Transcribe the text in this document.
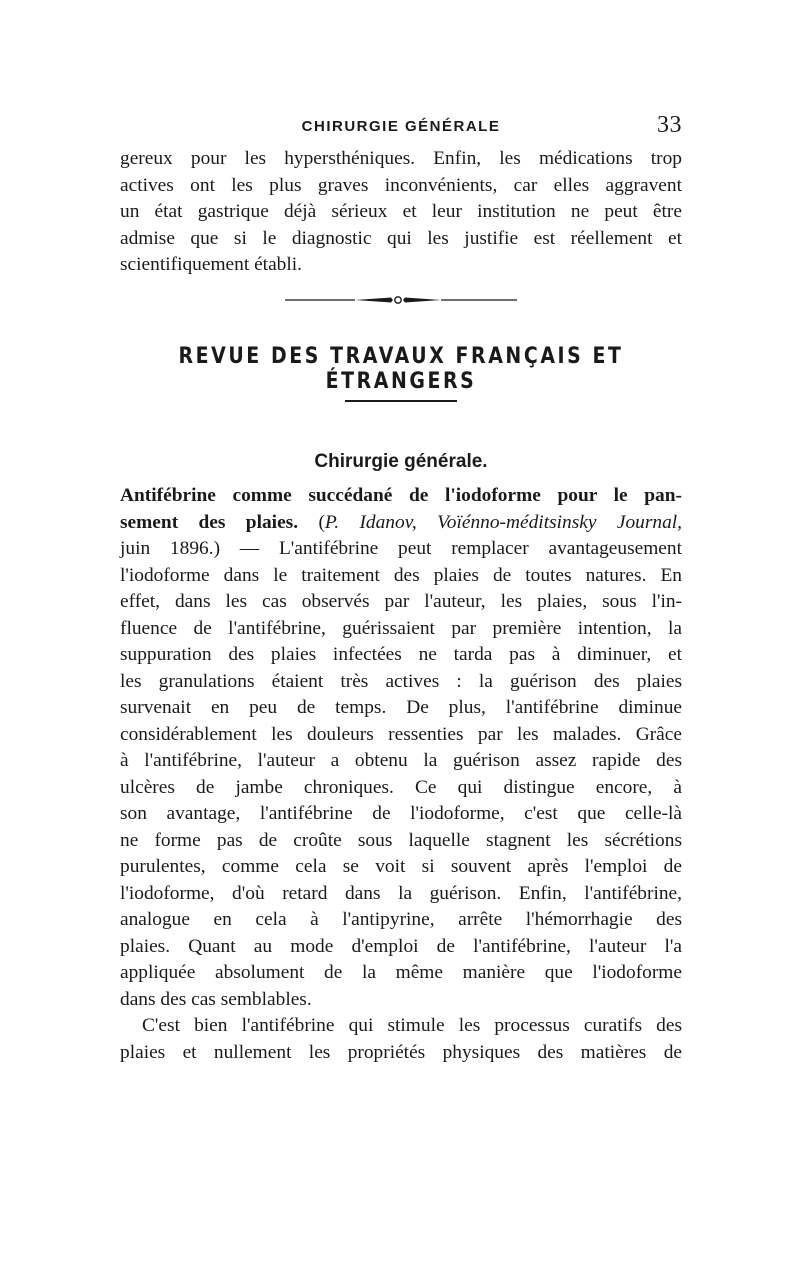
CHIRURGIE GÉNÉRALE	33
gereux pour les hypersthéniques. Enfin, les médications trop
actives ont les plus graves inconvénients, car elles aggravent
un état gastrique déjà sérieux et leur institution ne peut être
admise que si le diagnostic qui les justifie est réellement et
scientifiquement établi.
REVUE DES TRAVAUX FRANÇAIS ET ÉTRANGERS
Chirurgie générale.
Antifébrine comme succédané de l'iodoforme pour le pan-
sement des plaies. (P. Idanov, Voïénno-méditsinsky Journal,
juin 1896.) — L'antifébrine peut remplacer avantageusement
l'iodoforme dans le traitement des plaies de toutes natures. En
effet, dans les cas observés par l'auteur, les plaies, sous l'in-
fluence de l'antifébrine, guérissaient par première intention, la
suppuration des plaies infectées ne tarda pas à diminuer, et
les granulations étaient très actives : la guérison des plaies
survenait en peu de temps. De plus, l'antifébrine diminue
considérablement les douleurs ressenties par les malades. Grâce
à l'antifébrine, l'auteur a obtenu la guérison assez rapide des
ulcères de jambe chroniques. Ce qui distingue encore, à
son avantage, l'antifébrine de l'iodoforme, c'est que celle-là
ne forme pas de croûte sous laquelle stagnent les sécrétions
purulentes, comme cela se voit si souvent après l'emploi de
l'iodoforme, d'où retard dans la guérison. Enfin, l'antifébrine,
analogue en cela à l'antipyrine, arrête l'hémorrhagie des
plaies. Quant au mode d'emploi de l'antifébrine, l'auteur l'a
appliquée absolument de la même manière que l'iodoforme
dans des cas semblables.
C'est bien l'antifébrine qui stimule les processus curatifs des
plaies et nullement les propriétés physiques des matières de
